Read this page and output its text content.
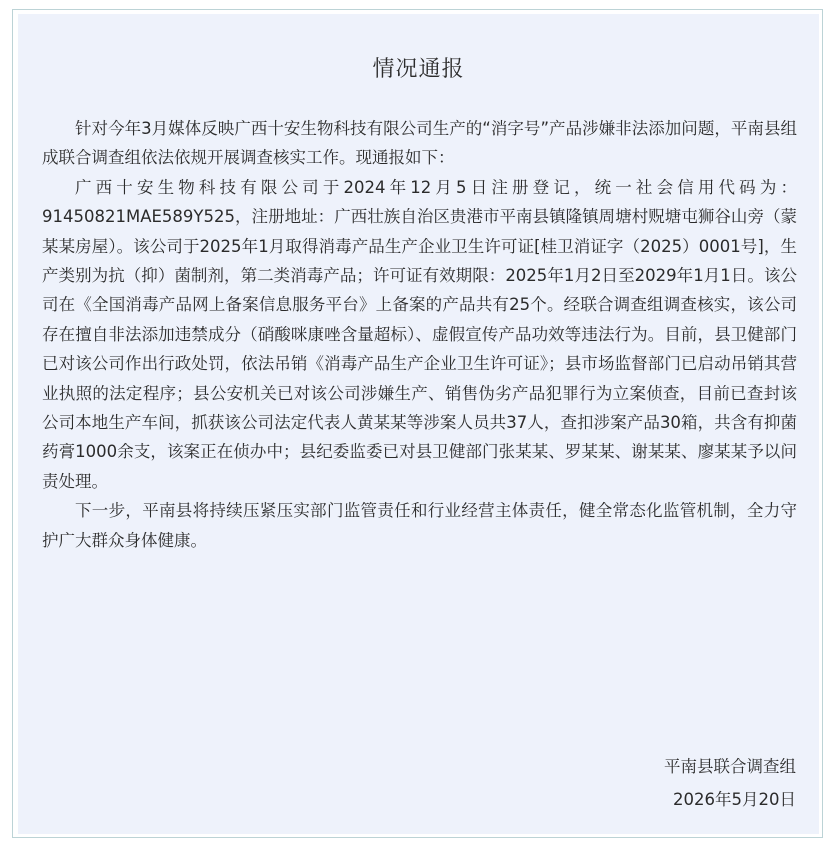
情况通报

针对今年3月媒体反映广西十安生物科技有限公司生产的“消字号”产品涉嫌非法添加问题，平南县组成联合调查组依法依规开展调查核实工作。现通报如下：

广西十安生物科技有限公司于2024年12月5日注册登记，统一社会信用代码为：91450821MAE589Y525，注册地址：广西壮族自治区贵港市平南县镇隆镇周塘村贶塘屯狮谷山旁（蒙某某房屋）。该公司于2025年1月取得消毒产品生产企业卫生许可证[桂卫消证字（2025）0001号]，生产类别为抗（抑）菌制剂，第二类消毒产品；许可证有效期限：2025年1月2日至2029年1月1日。该公司在《全国消毒产品网上备案信息服务平台》上备案的产品共有25个。经联合调查组调查核实，该公司存在擅自非法添加违禁成分（硝酸咪康唑含量超标）、虚假宣传产品功效等违法行为。目前，县卫健部门已对该公司作出行政处罚，依法吊销《消毒产品生产企业卫生许可证》；县市场监督部门已启动吊销其营业执照的法定程序；县公安机关已对该公司涉嫌生产、销售伪劣产品犯罪行为立案侦查，目前已查封该公司本地生产车间，抓获该公司法定代表人黄某某等涉案人员共37人，查扣涉案产品30箱，共含有抑菌药膏1000余支，该案正在侦办中；县纪委监委已对县卫健部门张某某、罗某某、谢某某、廖某某予以问责处理。

下一步，平南县将持续压紧压实部门监管责任和行业经营主体责任，健全常态化监管机制，全力守护广大群众身体健康。

平南县联合调查组
2026年5月20日
